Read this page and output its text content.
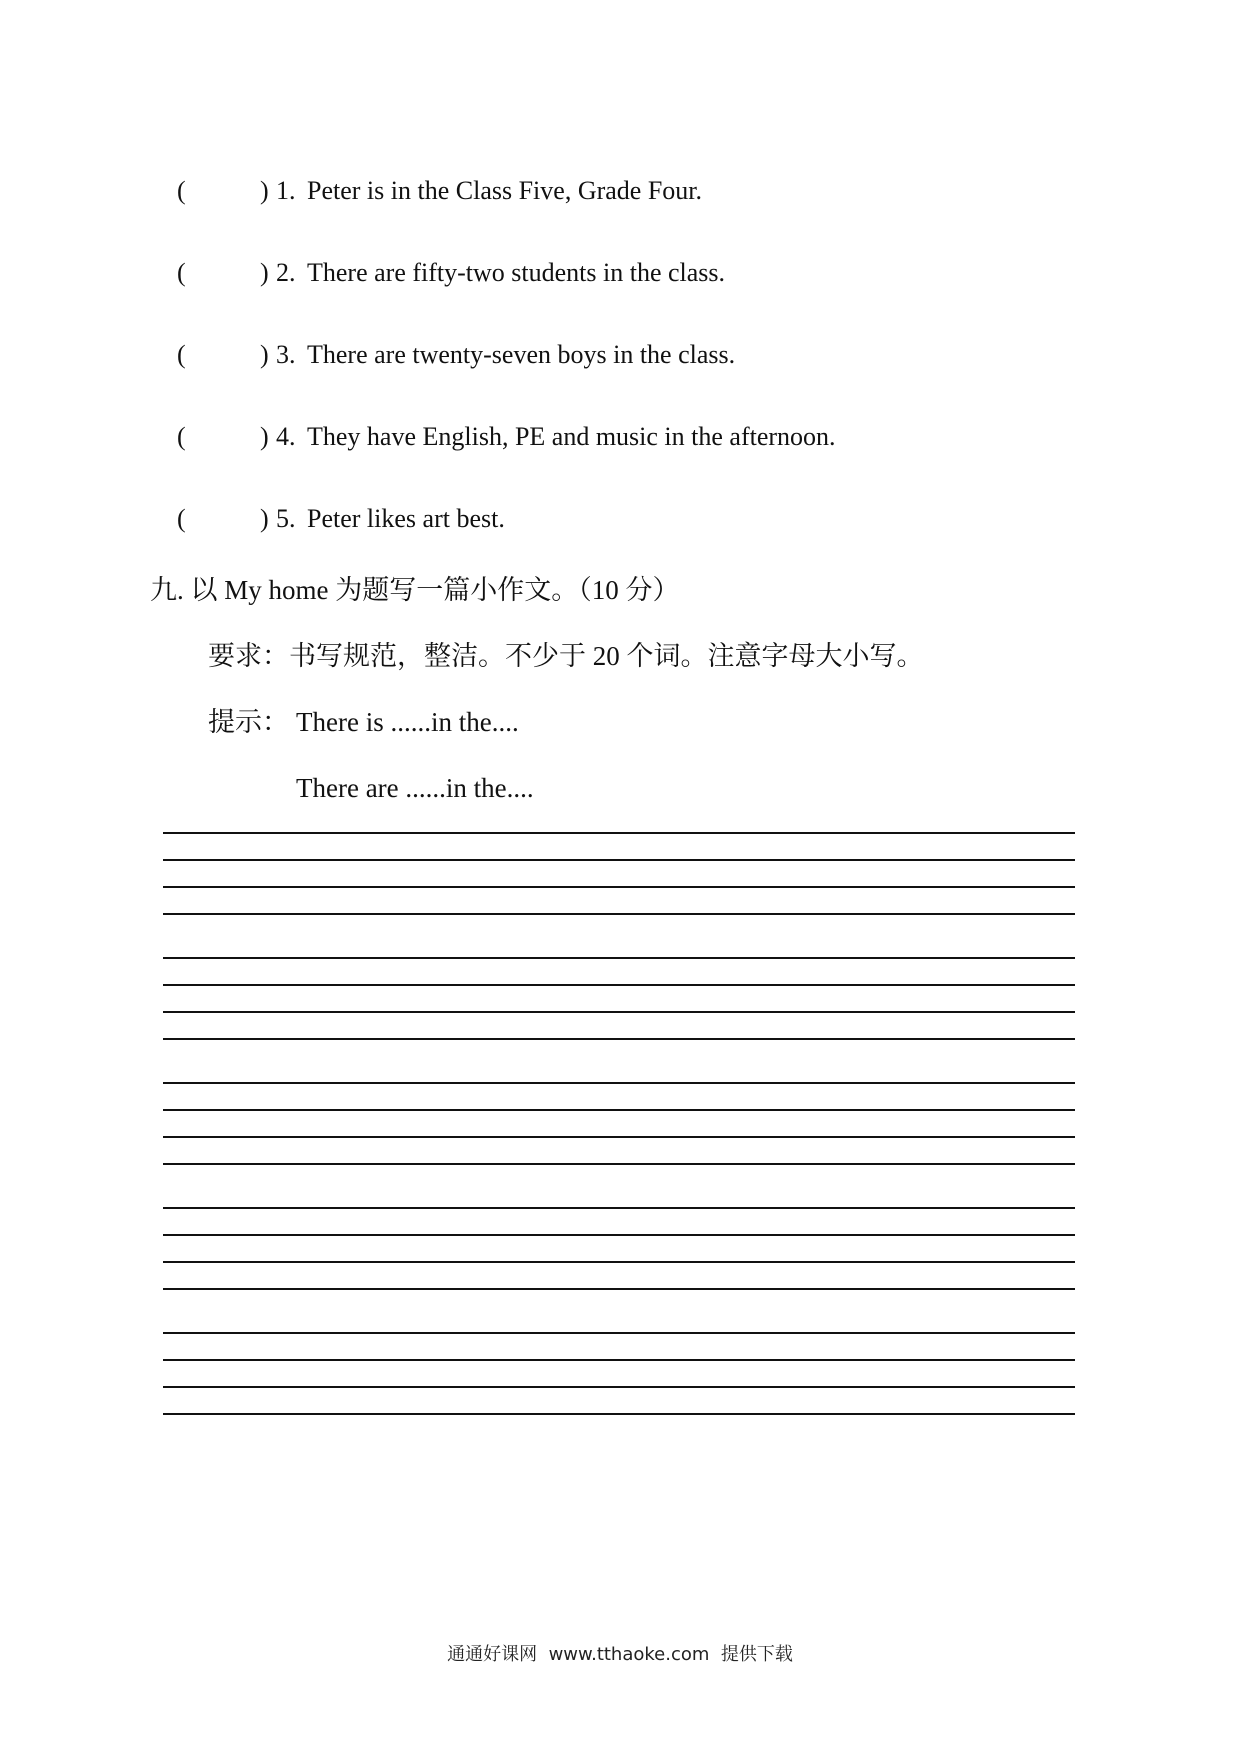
(	) 1. Peter is in the Class Five, Grade Four.
(	) 2. There are fifty-two students in the class.
(	) 3. There are twenty-seven boys in the class.
(	) 4. They have English, PE and music in the afternoon.
(	) 5. Peter likes art best.
九. 以 My home 为题写一篇小作文。（10 分）
要求：书写规范，整洁。不少于 20 个词。注意字母大小写。
提示： There is ......in the....
There are ......in the....
通通好课网  www.tthaoke.com  提供下载
